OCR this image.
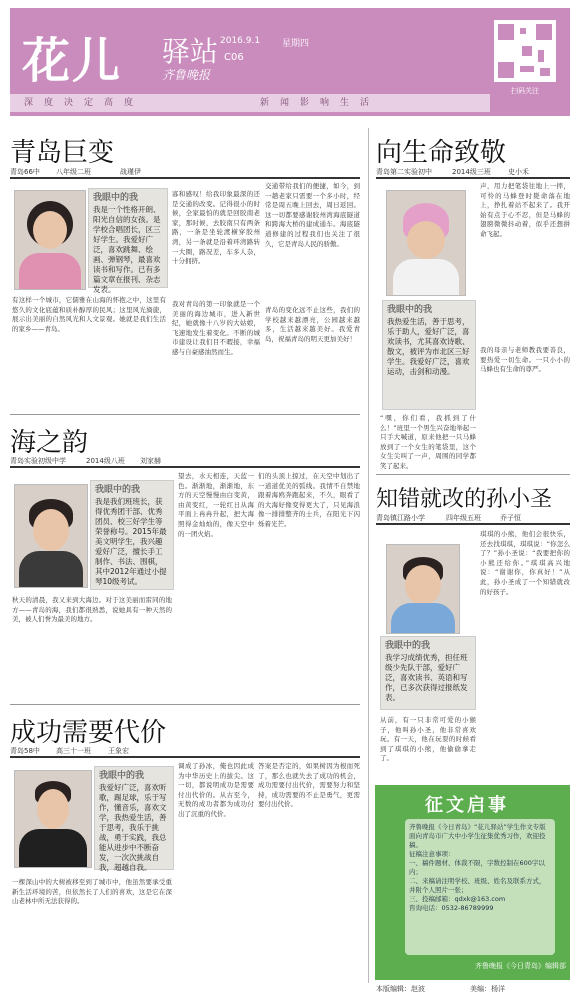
花儿 驿站 2016.9.1 星期四
C06
齐鲁晚报
深 度 决 定 高 度	新 闻 影 响 生 活
扫码关注
青岛巨变
青岛66中 八年级二班	战瑾伊
我眼中的我
我是一个性格开朗、阳光自信的女孩。是学校合唱团长，区三好学生。我爱好广泛，喜欢跳舞、绘画、弹钢琴，最喜欢读书和写作。已有多篇文章在报刊、杂志发表。
有这样一个城市，它儒雅在山海的怀抱之中，这里有悠久的文化底蕴和质朴醇厚的民风；这里风光旖旎，展示出美丽的自然风光和人文景观。她就是我们生活的家乡——青岛。
寡和感叹！给我印象最深的还是交通的改变。记得很小的时候，全家最怕的就是回胶南老家，那时候，去胶南只有两条路，一条是坐轮渡横穿胶州湾，另一条就是沿着环湾路转一大圈，路况差，车多人杂，十分拥挤。
我对青岛的第一印象就是一个美丽的海边城市，进入新世纪，她就像十八岁的大姑娘，飞速地发生着变化。不断的城市建设让我们目不暇接，幸福感与自豪感油然而生。
交通带给我们的便捷，如今，到一趟老家只需要一个多小时，经常是周五晚上回去，周日返回。这一切都要感谢胶州湾海底隧道和跨海大桥的建成通车。海底隧道修建的过程我们也关注了很久，它是青岛人民的骄傲。
青岛的变化远不止这些，我们的学校越来越漂亮，公园越来越多，生活越来越美好。我爱青岛，祝福青岛的明天更加美好！
向生命致敬
青岛第二实验初中	2014级三班 史小禾
我眼中的我
我热爱生活，善于思考，乐于助人，爱好广泛，喜欢读书，尤其喜欢诗歌、散文，被评为市北区三好学生。我爱好广泛，喜欢运动，击剑和动漫。
声，用力把笔袋往地上一摔，可怜的马蜂登时毙命落在地上，挣扎着站不起来了。我开始有点于心不忍，但是马蜂的翅膀微微抖动着，似乎还想拼命飞起。
我的母亲与老师教我要善良，要热爱一切生命。一只小小的马蜂也有生命的尊严。
“嘿，你们看，我抓到了什么！”班里一个男生兴奋地举起一只手大喊道，原来他把一只马蜂放到了一个女生的笔袋里，这个女生尖叫了一声，周围的同学都笑了起来。
海之韵
青岛实验初级中学	2014级八班 刘家赫
我眼中的我
我是我们班班长，获得优秀团干部、优秀团员、校三好学生等荣誉称号。2015年最美文明学生，我兴趣爱好广泛，擅长手工制作、书法、围棋，其中2012年通过小提琴10级考试。
秋天的清晨，我又来到大海边。对于这美丽而雷同的地方——青岛的海，我们都很熟悉，说她具有一种天然的美，被人们誉为最美的地方。
望去，水天相连，天蓝一色。渐渐地，渐渐地，东方的天空慢慢由白变黄，由黄变红，一轮红日从海平面上冉冉升起，把大海照得金灿灿的，像天空中的一团火焰。
们的头顶上掠过，在天空中划出了一道道优美的弧线。我情不自禁地跟着海鸥奔跑起来，不久，眼看了的大海好像变得更大了，只见海浪像一排排整齐的士兵，在阳光下闪烁着光芒。
知错就改的孙小圣
青岛镇江路小学	四年级五班	乔子恒
我眼中的我
我学习成绩优秀，担任班级少先队干部，爱好广泛，喜欢读书、英语和写作，已多次获得过报纸发表。
琪琪的小熊，他们会很快乐，还去找琪琪，琪琪说：“你怎么了？”孙小圣说：“我要把你的小熊还给你。”琪琪高兴地说：“谢谢你，你真好！”从此，孙小圣成了一个知错就改的好孩子。
从前，有一只非常可爱的小猴子，他叫孙小圣，他非常喜欢玩。有一天，他在玩耍的时候看到了琪琪的小熊，他偷偷拿走了。
成功需要代价
青岛58中 高三十一班 王象宏
我眼中的我
我爱好广泛，喜欢听歌，踢足球，乐于写作，懂音乐，喜欢文学，我热爱生活，善于思考，我乐于挑战，勇于实践，我总能从进步中不断奋发，一次次挑战自我，超越自我。
一棵深山中的大树被移至到了城市中，他虽然要承受重新生活环境的苦，但依然长了人们的喜欢，这是它在深山老林中所无法获得的。
调成了孙冰，俺也因此成为中华历史上的拔尖。这一切，都说明成功是需要付出代价的。从古至今，无数的成功者都为成功付出了沉重的代价。
答案是否定的，如果树因为根而死了，那么也就失去了成功的机会，成功需要付出代价，需要努力和坚持，成功需要的不止是勇气，更需要付出代价。	征文启事
齐鲁晚报《今日青岛》“花儿驿站”学生作文专版面向青岛市广大中小学生征集优秀习作，欢迎投稿。
征稿注意事项：
一、稿件题材、体裁不限，字数控制在600字以内；
二、来稿请注明学校、班级、姓名及联系方式，并附个人照片一张；
三、投稿邮箱：qdxk@163.com
咨询电话：0532-86789999
齐鲁晚报《今日青岛》编辑部
本版编辑：赵波	美编：杨洋
